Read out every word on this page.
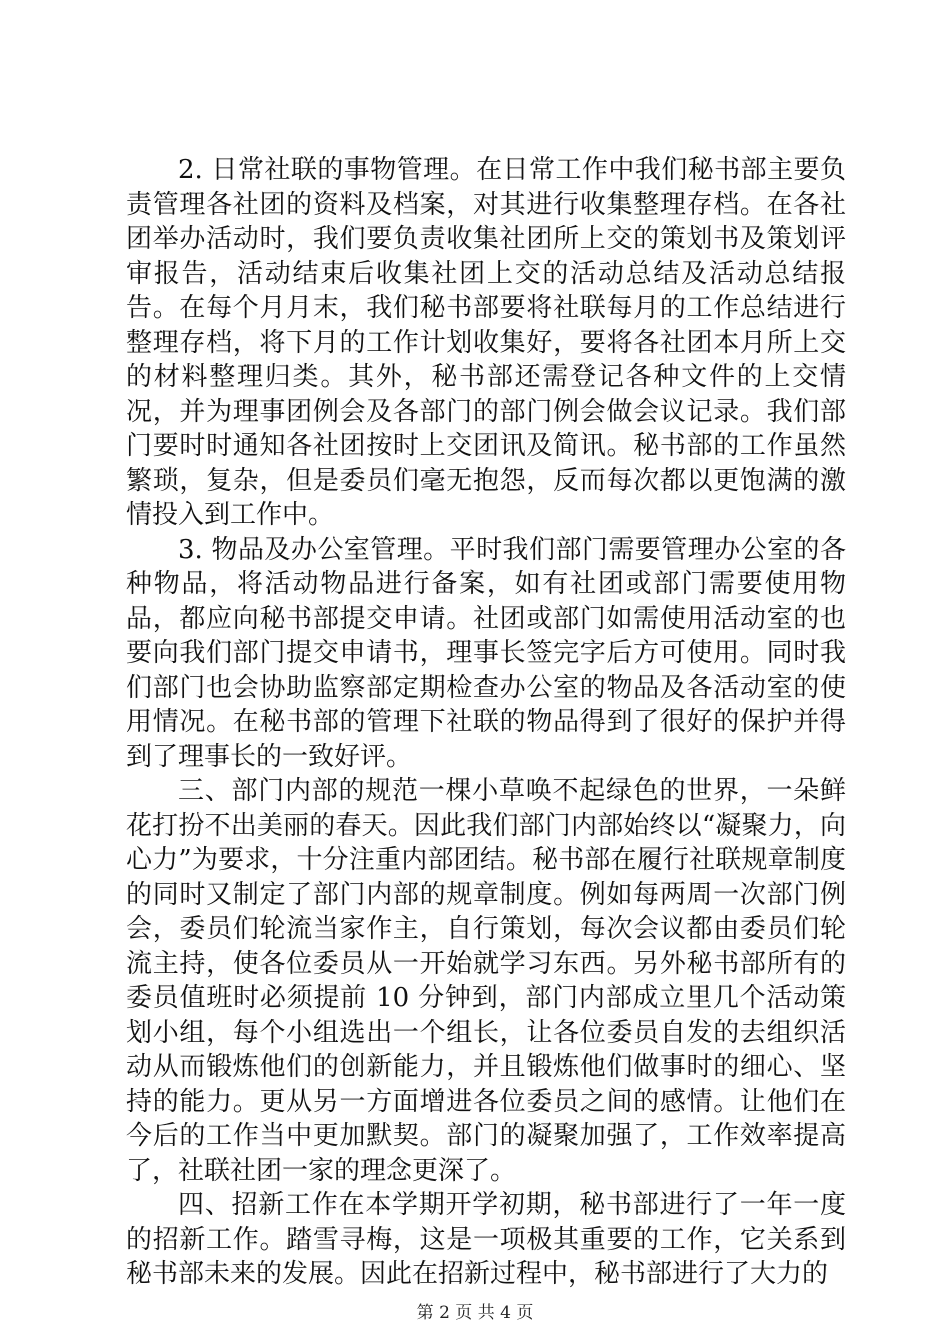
2. 日常社联的事物管理。在日常工作中我们秘书部主要负责管理各社团的资料及档案，对其进行收集整理存档。在各社团举办活动时，我们要负责收集社团所上交的策划书及策划评审报告，活动结束后收集社团上交的活动总结及活动总结报告。在每个月月末，我们秘书部要将社联每月的工作总结进行整理存档，将下月的工作计划收集好，要将各社团本月所上交的材料整理归类。其外，秘书部还需登记各种文件的上交情况，并为理事团例会及各部门的部门例会做会议记录。我们部门要时时通知各社团按时上交团讯及简讯。秘书部的工作虽然繁琐，复杂，但是委员们毫无抱怨，反而每次都以更饱满的激情投入到工作中。

3. 物品及办公室管理。平时我们部门需要管理办公室的各种物品，将活动物品进行备案，如有社团或部门需要使用物品，都应向秘书部提交申请。社团或部门如需使用活动室的也要向我们部门提交申请书，理事长签完字后方可使用。同时我们部门也会协助监察部定期检查办公室的物品及各活动室的使用情况。在秘书部的管理下社联的物品得到了很好的保护并得到了理事长的一致好评。

三、部门内部的规范一棵小草唤不起绿色的世界，一朵鲜花打扮不出美丽的春天。因此我们部门内部始终以“凝聚力，向心力”为要求，十分注重内部团结。秘书部在履行社联规章制度的同时又制定了部门内部的规章制度。例如每两周一次部门例会，委员们轮流当家作主，自行策划，每次会议都由委员们轮流主持，使各位委员从一开始就学习东西。另外秘书部所有的委员值班时必须提前 10 分钟到，部门内部成立里几个活动策划小组，每个小组选出一个组长，让各位委员自发的去组织活动从而锻炼他们的创新能力，并且锻炼他们做事时的细心、坚持的能力。更从另一方面增进各位委员之间的感情。让他们在今后的工作当中更加默契。部门的凝聚加强了，工作效率提高了，社联社团一家的理念更深了。

四、招新工作在本学期开学初期，秘书部进行了一年一度的招新工作。踏雪寻梅，这是一项极其重要的工作，它关系到秘书部未来的发展。因此在招新过程中，秘书部进行了大力的

第 2 页 共 4 页
